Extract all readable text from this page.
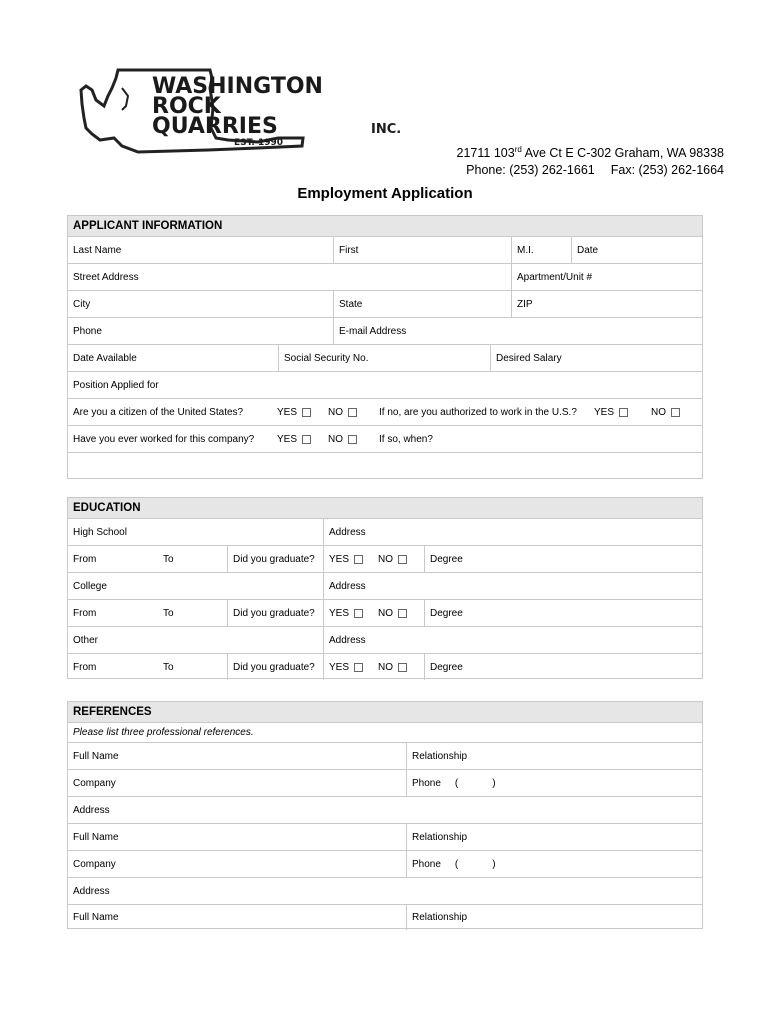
WASHINGTON
ROCK
QUARRIES	INC.
EST. 1990
21711 103rd Ave Ct E C-302 Graham, WA 98338
Phone: (253) 262-1661 Fax: (253) 262-1664
Employment Application
APPLICANT INFORMATION
Last Name	First	M.I.	Date
Street Address	Apartment/Unit #
City	State	ZIP
Phone	E-mail Address
Date Available	Social Security No.	Desired Salary
Position Applied for
Are you a citizen of the United States?	YES	NO	If no, are you authorized to work in the U.S.? YES	NO
Have you ever worked for this company? YES	NO	If so, when?
EDUCATION
High School	Address
From	To	Did you graduate? YES	NO	Degree
College	Address
From	To	Did you graduate? YES	NO	Degree
Other	Address
From	To	Did you graduate? YES	NO	Degree
REFERENCES
Please list three professional references.
Full Name	Relationship
Company	Phone (	)
Address
Full Name	Relationship
Company	Phone (	)
Address
Full Name	Relationship
